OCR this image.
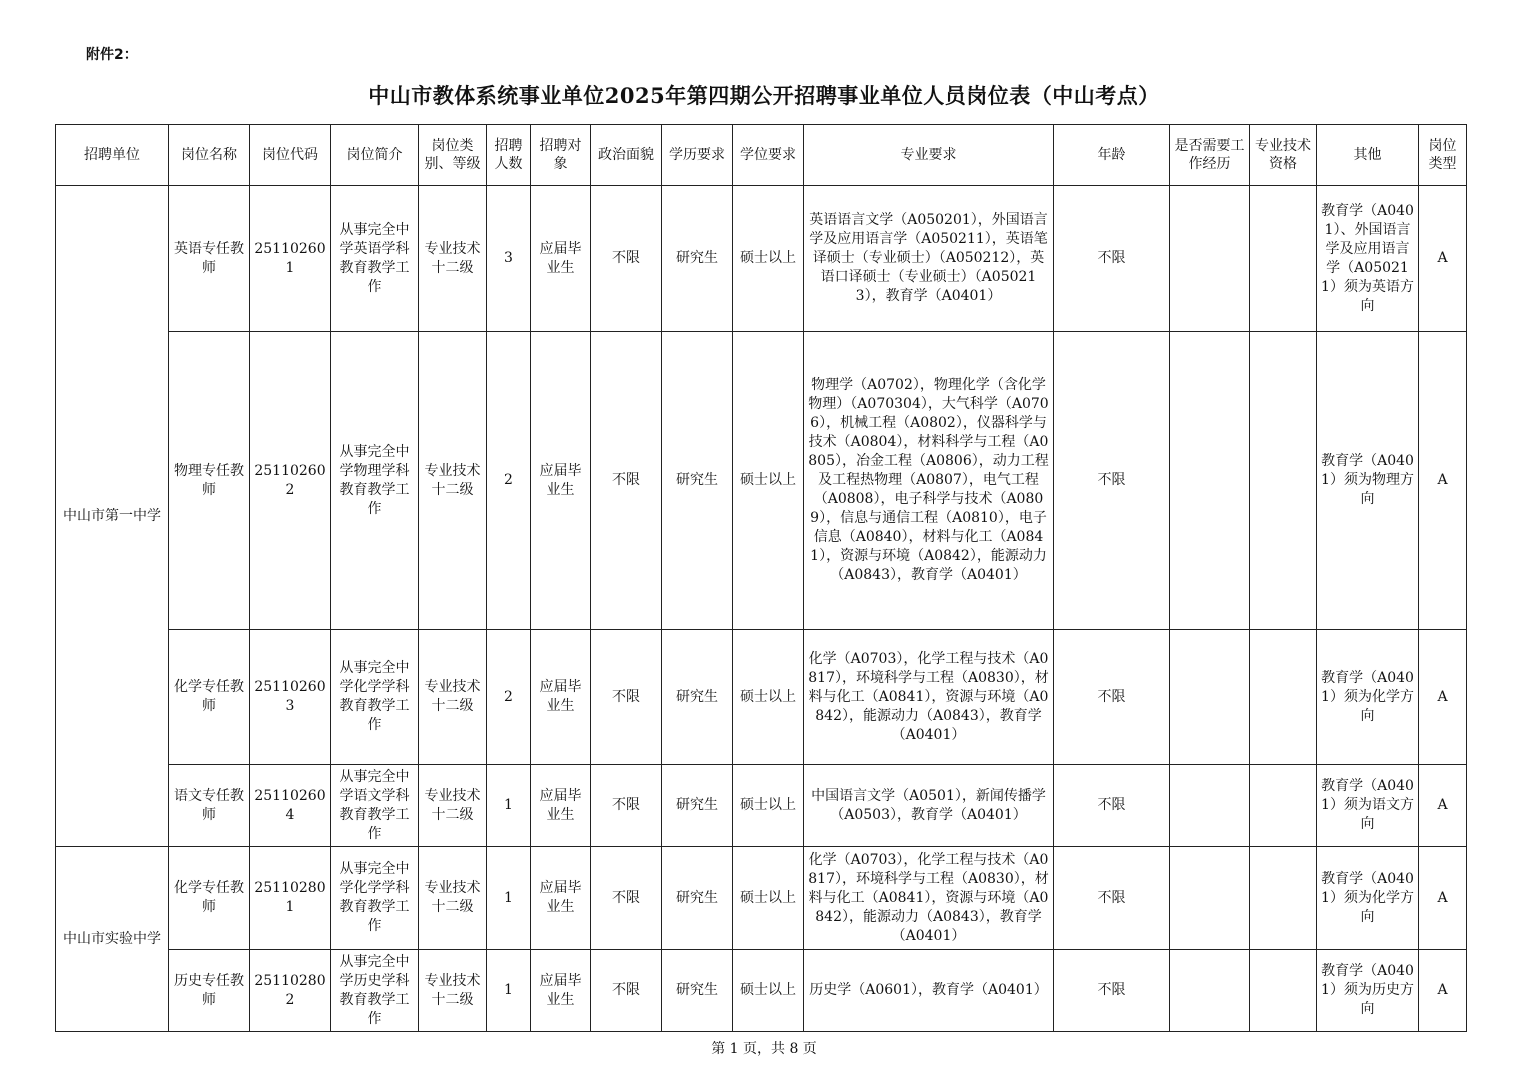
附件2：
中山市教体系统事业单位2025年第四期公开招聘事业单位人员岗位表（中山考点）
招聘单位	岗位名称	岗位代码	岗位简介	岗位类别、等级	招聘人数	招聘对象	政治面貌	学历要求	学位要求	专业要求	年龄	是否需要工作经历	专业技术资格	其他	岗位类型
中山市第一中学	英语专任教师	251102601	从事完全中学英语学科教育教学工作	专业技术十二级	3	应届毕业生	不限	研究生	硕士以上	英语语言文学（A050201），外国语言学及应用语言学（A050211），英语笔译硕士（专业硕士）（A050212），英语口译硕士（专业硕士）（A050213），教育学（A0401）	不限			教育学（A0401）、外国语言学及应用语言学（A050211）须为英语方向	A
	物理专任教师	251102602	从事完全中学物理学科教育教学工作	专业技术十二级	2	应届毕业生	不限	研究生	硕士以上	物理学（A0702），物理化学（含化学物理）（A070304），大气科学（A0706），机械工程（A0802），仪器科学与技术（A0804），材料科学与工程（A0805），冶金工程（A0806），动力工程及工程热物理（A0807），电气工程（A0808），电子科学与技术（A0809），信息与通信工程（A0810），电子信息（A0840），材料与化工（A0841），资源与环境（A0842），能源动力（A0843），教育学（A0401）	不限			教育学（A0401）须为物理方向	A
	化学专任教师	251102603	从事完全中学化学学科教育教学工作	专业技术十二级	2	应届毕业生	不限	研究生	硕士以上	化学（A0703），化学工程与技术（A0817），环境科学与工程（A0830），材料与化工（A0841），资源与环境（A0842），能源动力（A0843），教育学（A0401）	不限			教育学（A0401）须为化学方向	A
	语文专任教师	251102604	从事完全中学语文学科教育教学工作	专业技术十二级	1	应届毕业生	不限	研究生	硕士以上	中国语言文学（A0501），新闻传播学（A0503），教育学（A0401）	不限			教育学（A0401）须为语文方向	A
中山市实验中学	化学专任教师	251102801	从事完全中学化学学科教育教学工作	专业技术十二级	1	应届毕业生	不限	研究生	硕士以上	化学（A0703），化学工程与技术（A0817），环境科学与工程（A0830），材料与化工（A0841），资源与环境（A0842），能源动力（A0843），教育学（A0401）	不限			教育学（A0401）须为化学方向	A
	历史专任教师	251102802	从事完全中学历史学科教育教学工作	专业技术十二级	1	应届毕业生	不限	研究生	硕士以上	历史学（A0601），教育学（A0401）	不限			教育学（A0401）须为历史方向	A
第 1 页，共 8 页
